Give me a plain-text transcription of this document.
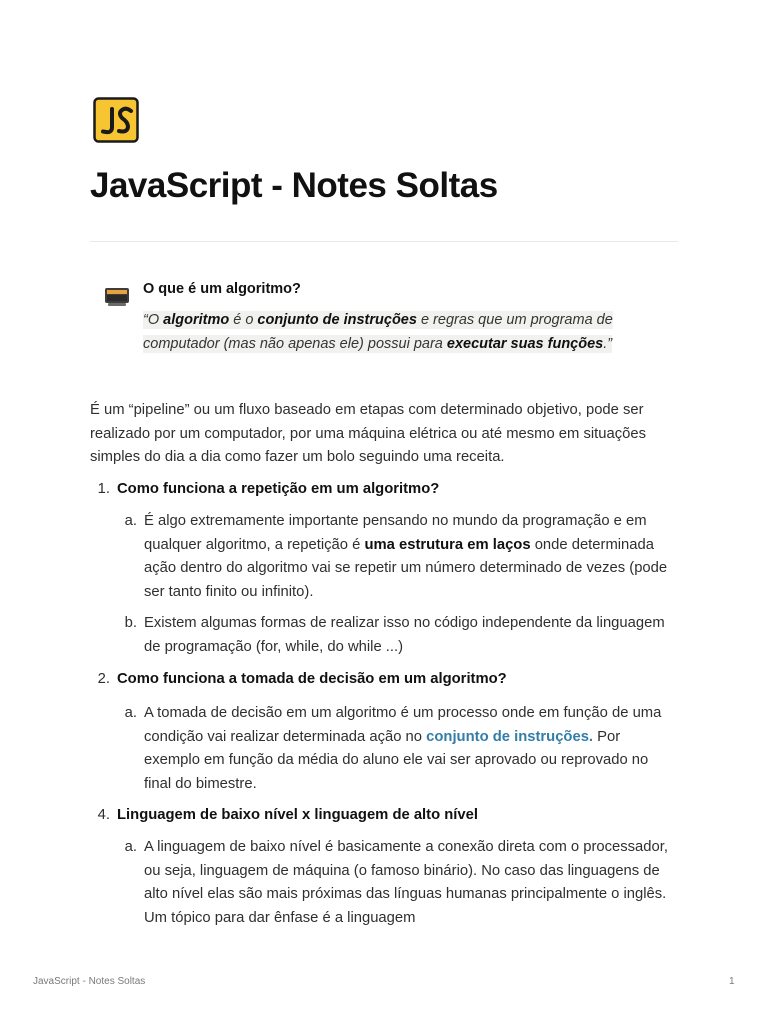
JavaScript - Notes Soltas
O que é um algoritmo?
“O algoritmo é o conjunto de instruções e regras que um programa de computador (mas não apenas ele) possui para executar suas funções.”
É um “pipeline” ou um fluxo baseado em etapas com determinado objetivo, pode ser realizado por um computador, por uma máquina elétrica ou até mesmo em situações simples do dia a dia como fazer um bolo seguindo uma receita.
1. Como funciona a repetição em um algoritmo?
a. É algo extremamente importante pensando no mundo da programação e em qualquer algoritmo, a repetição é uma estrutura em laços onde determinada ação dentro do algoritmo vai se repetir um número determinado de vezes (pode ser tanto finito ou infinito).
b. Existem algumas formas de realizar isso no código independente da linguagem de programação (for, while, do while ...)
2. Como funciona a tomada de decisão em um algoritmo?
a. A tomada de decisão em um algoritmo é um processo onde em função de uma condição vai realizar determinada ação no conjunto de instruções. Por exemplo em função da média do aluno ele vai ser aprovado ou reprovado no final do bimestre.
4. Linguagem de baixo nível x linguagem de alto nível
a. A linguagem de baixo nível é basicamente a conexão direta com o processador, ou seja, linguagem de máquina (o famoso binário). No caso das linguagens de alto nível elas são mais próximas das línguas humanas principalmente o inglês. Um tópico para dar ênfase é a linguagem
JavaScript - Notes Soltas	1
